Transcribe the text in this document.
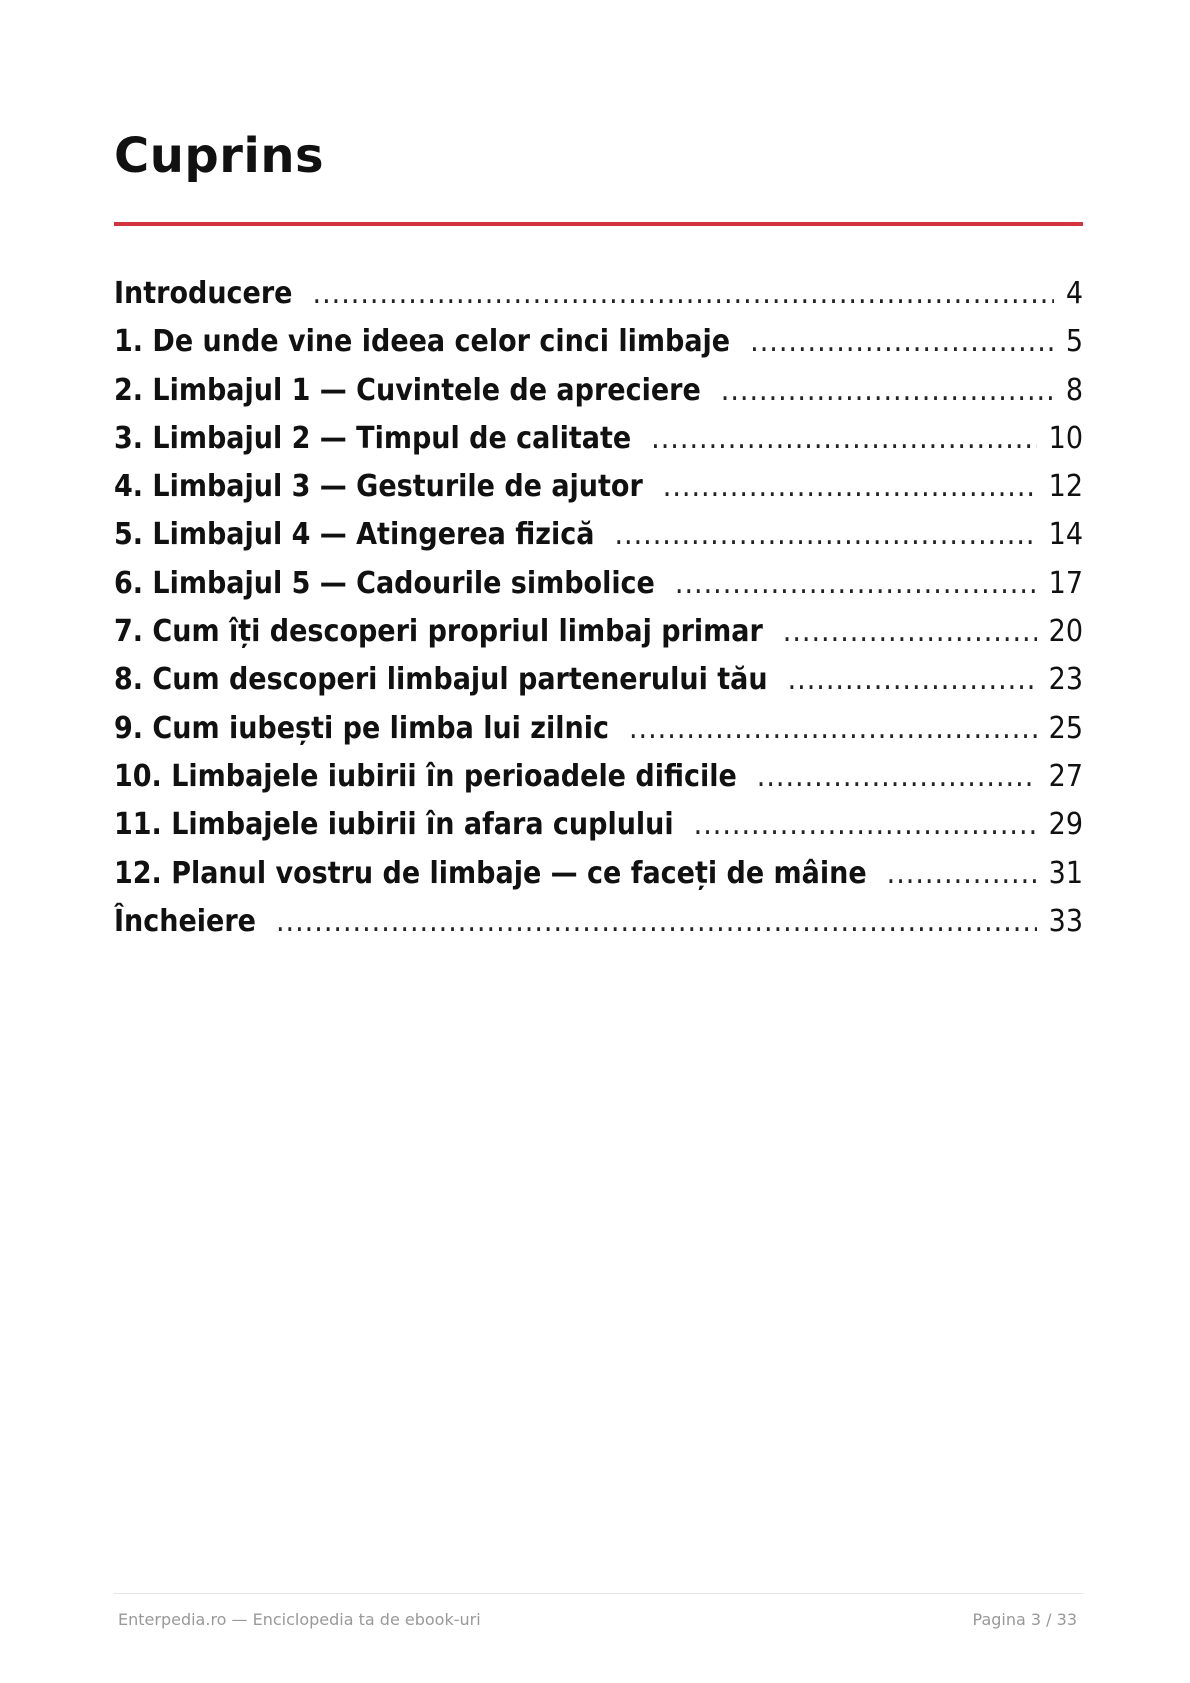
Cuprins
Introducere .....	4
1. De unde vine ideea celor cinci limbaje .....	5
2. Limbajul 1 — Cuvintele de apreciere .....	8
3. Limbajul 2 — Timpul de calitate .....	10
4. Limbajul 3 — Gesturile de ajutor .....	12
5. Limbajul 4 — Atingerea fizică .....	14
6. Limbajul 5 — Cadourile simbolice .....	17
7. Cum îți descoperi propriul limbaj primar .....	20
8. Cum descoperi limbajul partenerului tău .....	23
9. Cum iubești pe limba lui zilnic .....	25
10. Limbajele iubirii în perioadele dificile .....	27
11. Limbajele iubirii în afara cuplului .....	29
12. Planul vostru de limbaje — ce faceți de mâine .....	31
Încheiere .....	33
Enterpedia.ro — Enciclopedia ta de ebook-uri	Pagina 3 / 33
